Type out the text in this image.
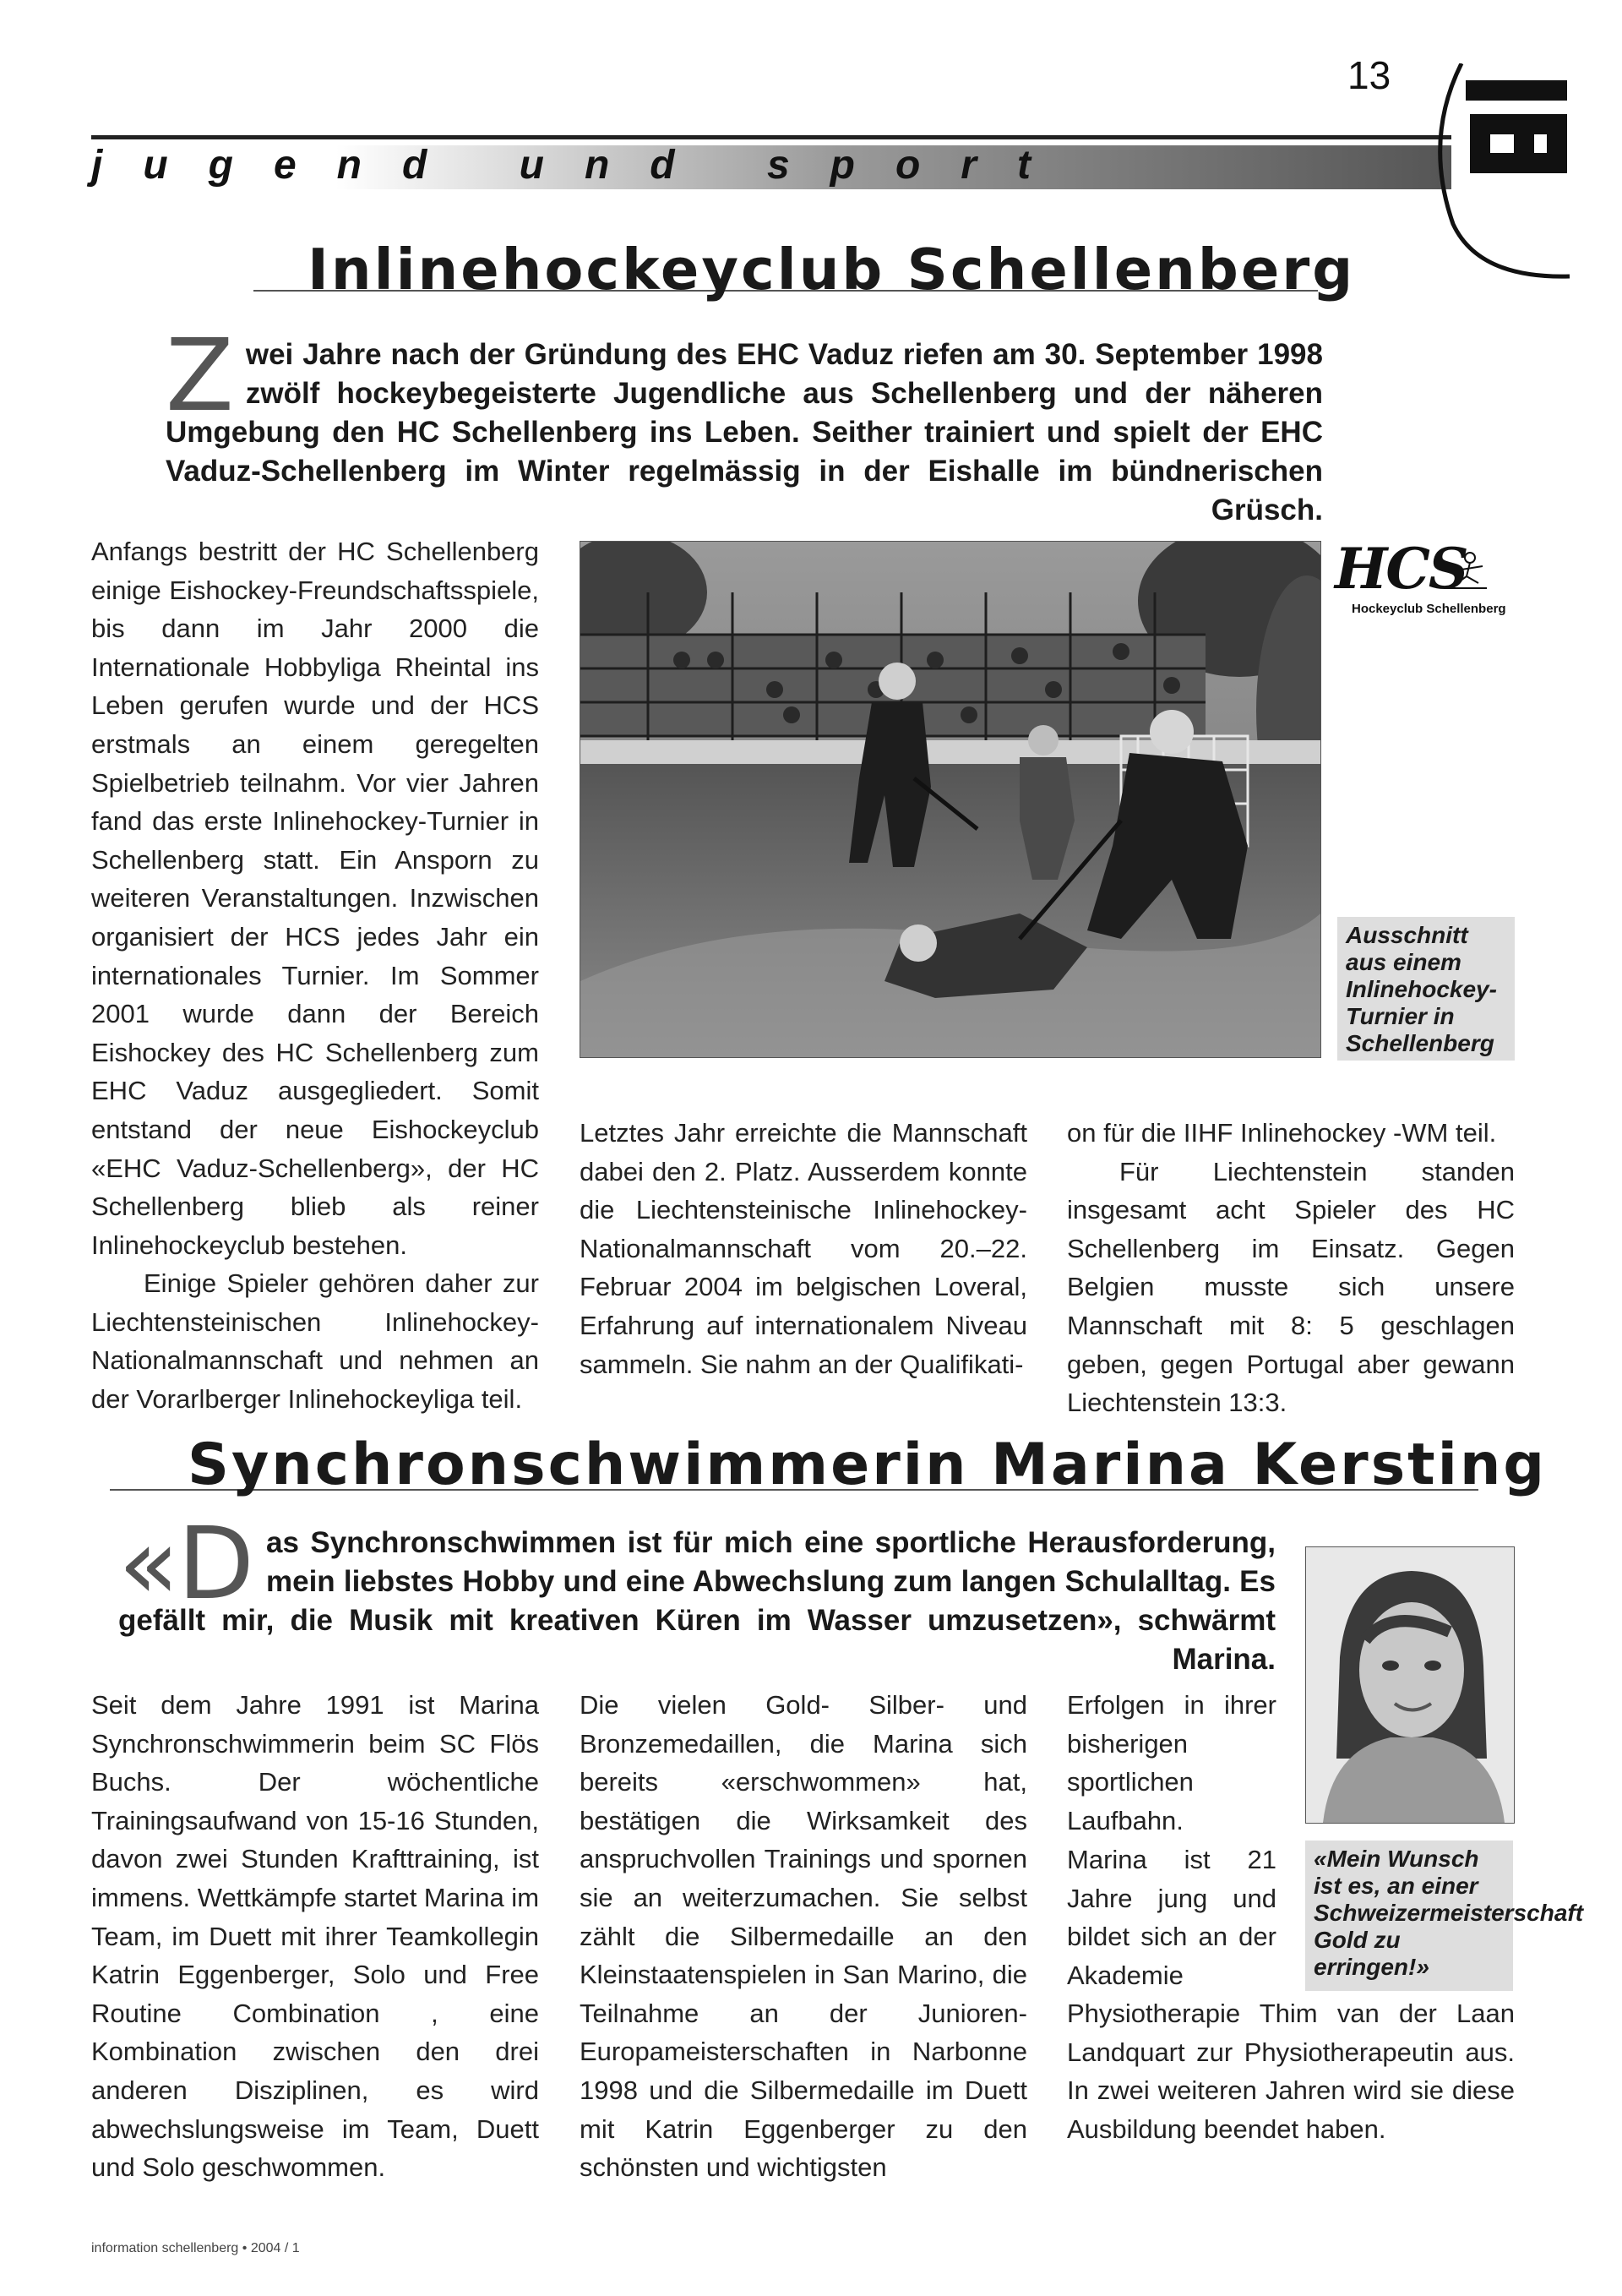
13
jugend und sport
Inlinehockeyclub Schellenberg
Z wei Jahre nach der Gründung des EHC Vaduz riefen am 30. September 1998 zwölf hockeybegeisterte Jugendliche aus Schellenberg und der näheren Umgebung den HC Schellenberg ins Leben. Seither trainiert und spielt der EHC Vaduz-Schellenberg im Winter regelmässig in der Eishalle im bündnerischen Grüsch.

Anfangs bestritt der HC Schellenberg einige Eishockey-Freundschaftsspiele, bis dann im Jahr 2000 die Internationale Hobbyliga Rheintal ins Leben gerufen wurde und der HCS erstmals an einem geregelten Spielbetrieb teilnahm. Vor vier Jahren fand das erste Inlinehockey-Turnier in Schellenberg statt. Ein Ansporn zu weiteren Veranstaltungen. Inzwischen organisiert der HCS jedes Jahr ein internationales Turnier. Im Sommer 2001 wurde dann der Bereich Eishockey des HC Schellenberg zum EHC Vaduz ausgegliedert. Somit entstand der neue Eishockeyclub «EHC Vaduz-Schellenberg», der HC Schellenberg blieb als reiner Inlinehockeyclub bestehen.

Einige Spieler gehören daher zur Liechtensteinischen Inlinehockey-Nationalmannschaft und nehmen an der Vorarlberger Inlinehockeyliga teil.

HCS
Hockeyclub Schellenberg
Ausschnitt aus einem Inlinehockey-Turnier in Schellenberg

Letztes Jahr erreichte die Mannschaft dabei den 2. Platz. Ausserdem konnte die Liechtensteinische Inlinehockey-Nationalmannschaft vom 20.–22. Februar 2004 im belgischen Loveral, Erfahrung auf internationalem Niveau sammeln. Sie nahm an der Qualifikati-

on für die IIHF Inlinehockey -WM teil.

Für Liechtenstein standen insgesamt acht Spieler des HC Schellenberg im Einsatz. Gegen Belgien musste sich unsere Mannschaft mit 8: 5 geschlagen geben, gegen Portugal aber gewann Liechtenstein 13:3.

Synchronschwimmerin Marina Kersting
«D as Synchronschwimmen ist für mich eine sportliche Herausforderung, mein liebstes Hobby und eine Abwechslung zum langen Schulalltag. Es gefällt mir, die Musik mit kreativen Küren im Wasser umzusetzen», schwärmt Marina.

Seit dem Jahre 1991 ist Marina Synchronschwimmerin beim SC Flös Buchs. Der wöchentliche Trainingsaufwand von 15-16 Stunden, davon zwei Stunden Krafttraining, ist immens. Wettkämpfe startet Marina im Team, im Duett mit ihrer Teamkollegin Katrin Eggenberger, Solo und Free Routine Combination , eine Kombination zwischen den drei anderen Disziplinen, es wird abwechslungsweise im Team, Duett und Solo geschwommen.

Die vielen Gold- Silber- und Bronzemedaillen, die Marina sich bereits «erschwommen» hat, bestätigen die Wirksamkeit des anspruchvollen Trainings und spornen sie an weiterzumachen. Sie selbst zählt die Silbermedaille an den Kleinstaatenspielen in San Marino, die Teilnahme an der Junioren-Europameisterschaften in Narbonne 1998 und die Silbermedaille im Duett mit Katrin Eggenberger zu den schönsten und wichtigsten

Erfolgen in ihrer bisherigen sportlichen Laufbahn.

Marina ist 21 Jahre jung und bildet sich an der Akademie

Physiotherapie Thim van der Laan Landquart zur Physiotherapeutin aus. In zwei weiteren Jahren wird sie diese Ausbildung beendet haben.

«Mein Wunsch ist es, an einer Schweizermeisterschaft Gold zu erringen!»
information schellenberg • 2004 / 1
